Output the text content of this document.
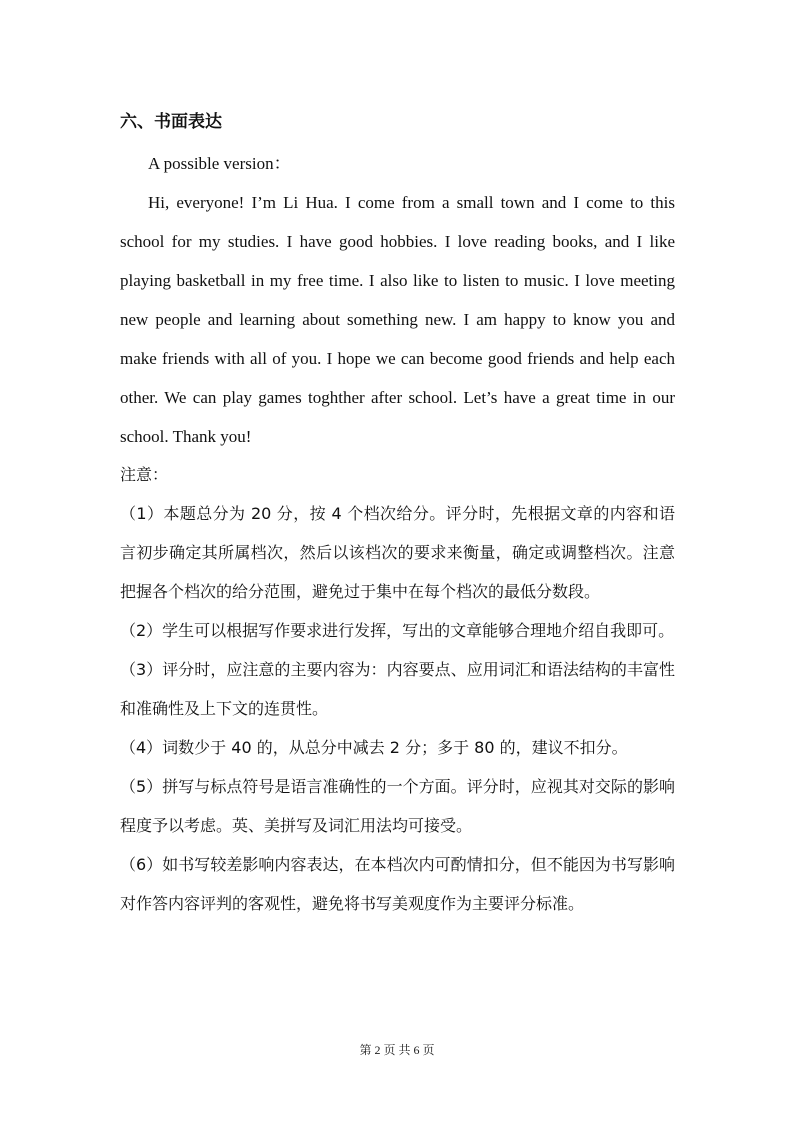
六、书面表达
A possible version：
Hi, everyone! I’m Li Hua. I come from a small town and I come to this school for my studies. I have good hobbies. I love reading books, and I like playing basketball in my free time. I also like to listen to music. I love meeting new people and learning about something new. I am happy to know you and make friends with all of you. I hope we can become good friends and help each other. We can play games toghther after school. Let’s have a great time in our school. Thank you!

注意：

（1）本题总分为 20 分，按 4 个档次给分。评分时，先根据文章的内容和语言初步确定其所属档次，然后以该档次的要求来衡量，确定或调整档次。注意把握各个档次的给分范围，避免过于集中在每个档次的最低分数段。

（2）学生可以根据写作要求进行发挥，写出的文章能够合理地介绍自我即可。

（3）评分时，应注意的主要内容为：内容要点、应用词汇和语法结构的丰富性和准确性及上下文的连贯性。

（4）词数少于 40 的，从总分中减去 2 分；多于 80 的，建议不扣分。

（5）拼写与标点符号是语言准确性的一个方面。评分时，应视其对交际的影响程度予以考虑。英、美拼写及词汇用法均可接受。

（6）如书写较差影响内容表达，在本档次内可酌情扣分，但不能因为书写影响对作答内容评判的客观性，避免将书写美观度作为主要评分标准。

第 2 页 共 6 页
